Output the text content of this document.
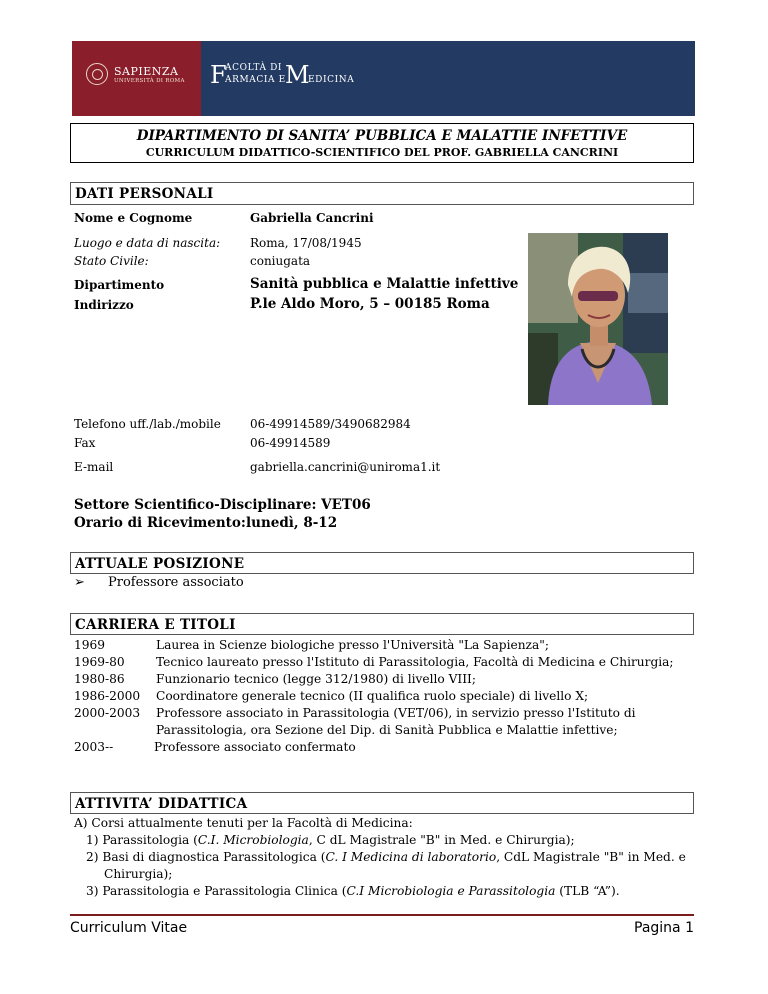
SAPIENZA
UNIVERSITÀ DI ROMA F
ACOLTÀ DI
ARMACIA E M
EDICINA
DIPARTIMENTO DI SANITA’ PUBBLICA E MALATTIE INFETTIVE
CURRICULUM DIDATTICO-SCIENTIFICO DEL PROF. GABRIELLA CANCRINI
DATI PERSONALI
Nome e Cognome	Gabriella Cancrini
Luogo e data di nascita: Roma, 17/08/1945
Stato Civile:	coniugata
Dipartimento	Sanità pubblica e Malattie infettive
Indirizzo	P.le Aldo Moro, 5 – 00185 Roma
Telefono uff./lab./mobile 06-49914589/3490682984
Fax	06-49914589
E-mail	gabriella.cancrini@uniroma1.it
Settore Scientifico-Disciplinare: VET06
Orario di Ricevimento: lunedì, 8-12
ATTUALE POSIZIONE
➢ Professore associato
CARRIERA E TITOLI
1969	Laurea in Scienze biologiche presso l'Università "La Sapienza";
1969-80	Tecnico laureato presso l'Istituto di Parassitologia, Facoltà di Medicina e Chirurgia;
1980-86	Funzionario tecnico (legge 312/1980) di livello VIII;
1986-2000 Coordinatore generale tecnico (II qualifica ruolo speciale) di livello X;
2000-2003 Professore associato in Parassitologia (VET/06), in servizio presso l'Istituto di
Parassitologia, ora Sezione del Dip. di Sanità Pubblica e Malattie infettive;
2003--	Professore associato confermato
ATTIVITA’ DIDATTICA
A) Corsi attualmente tenuti per la Facoltà di Medicina:
1) Parassitologia (C.I. Microbiologia, C dL Magistrale "B" in Med. e Chirurgia);
2) Basi di diagnostica Parassitologica (C. I Medicina di laboratorio, CdL Magistrale "B" in Med. e
Chirurgia);
3) Parassitologia e Parassitologia Clinica (C.I Microbiologia e Parassitologia (TLB “A”).
Curriculum Vitae	Pagina 1
